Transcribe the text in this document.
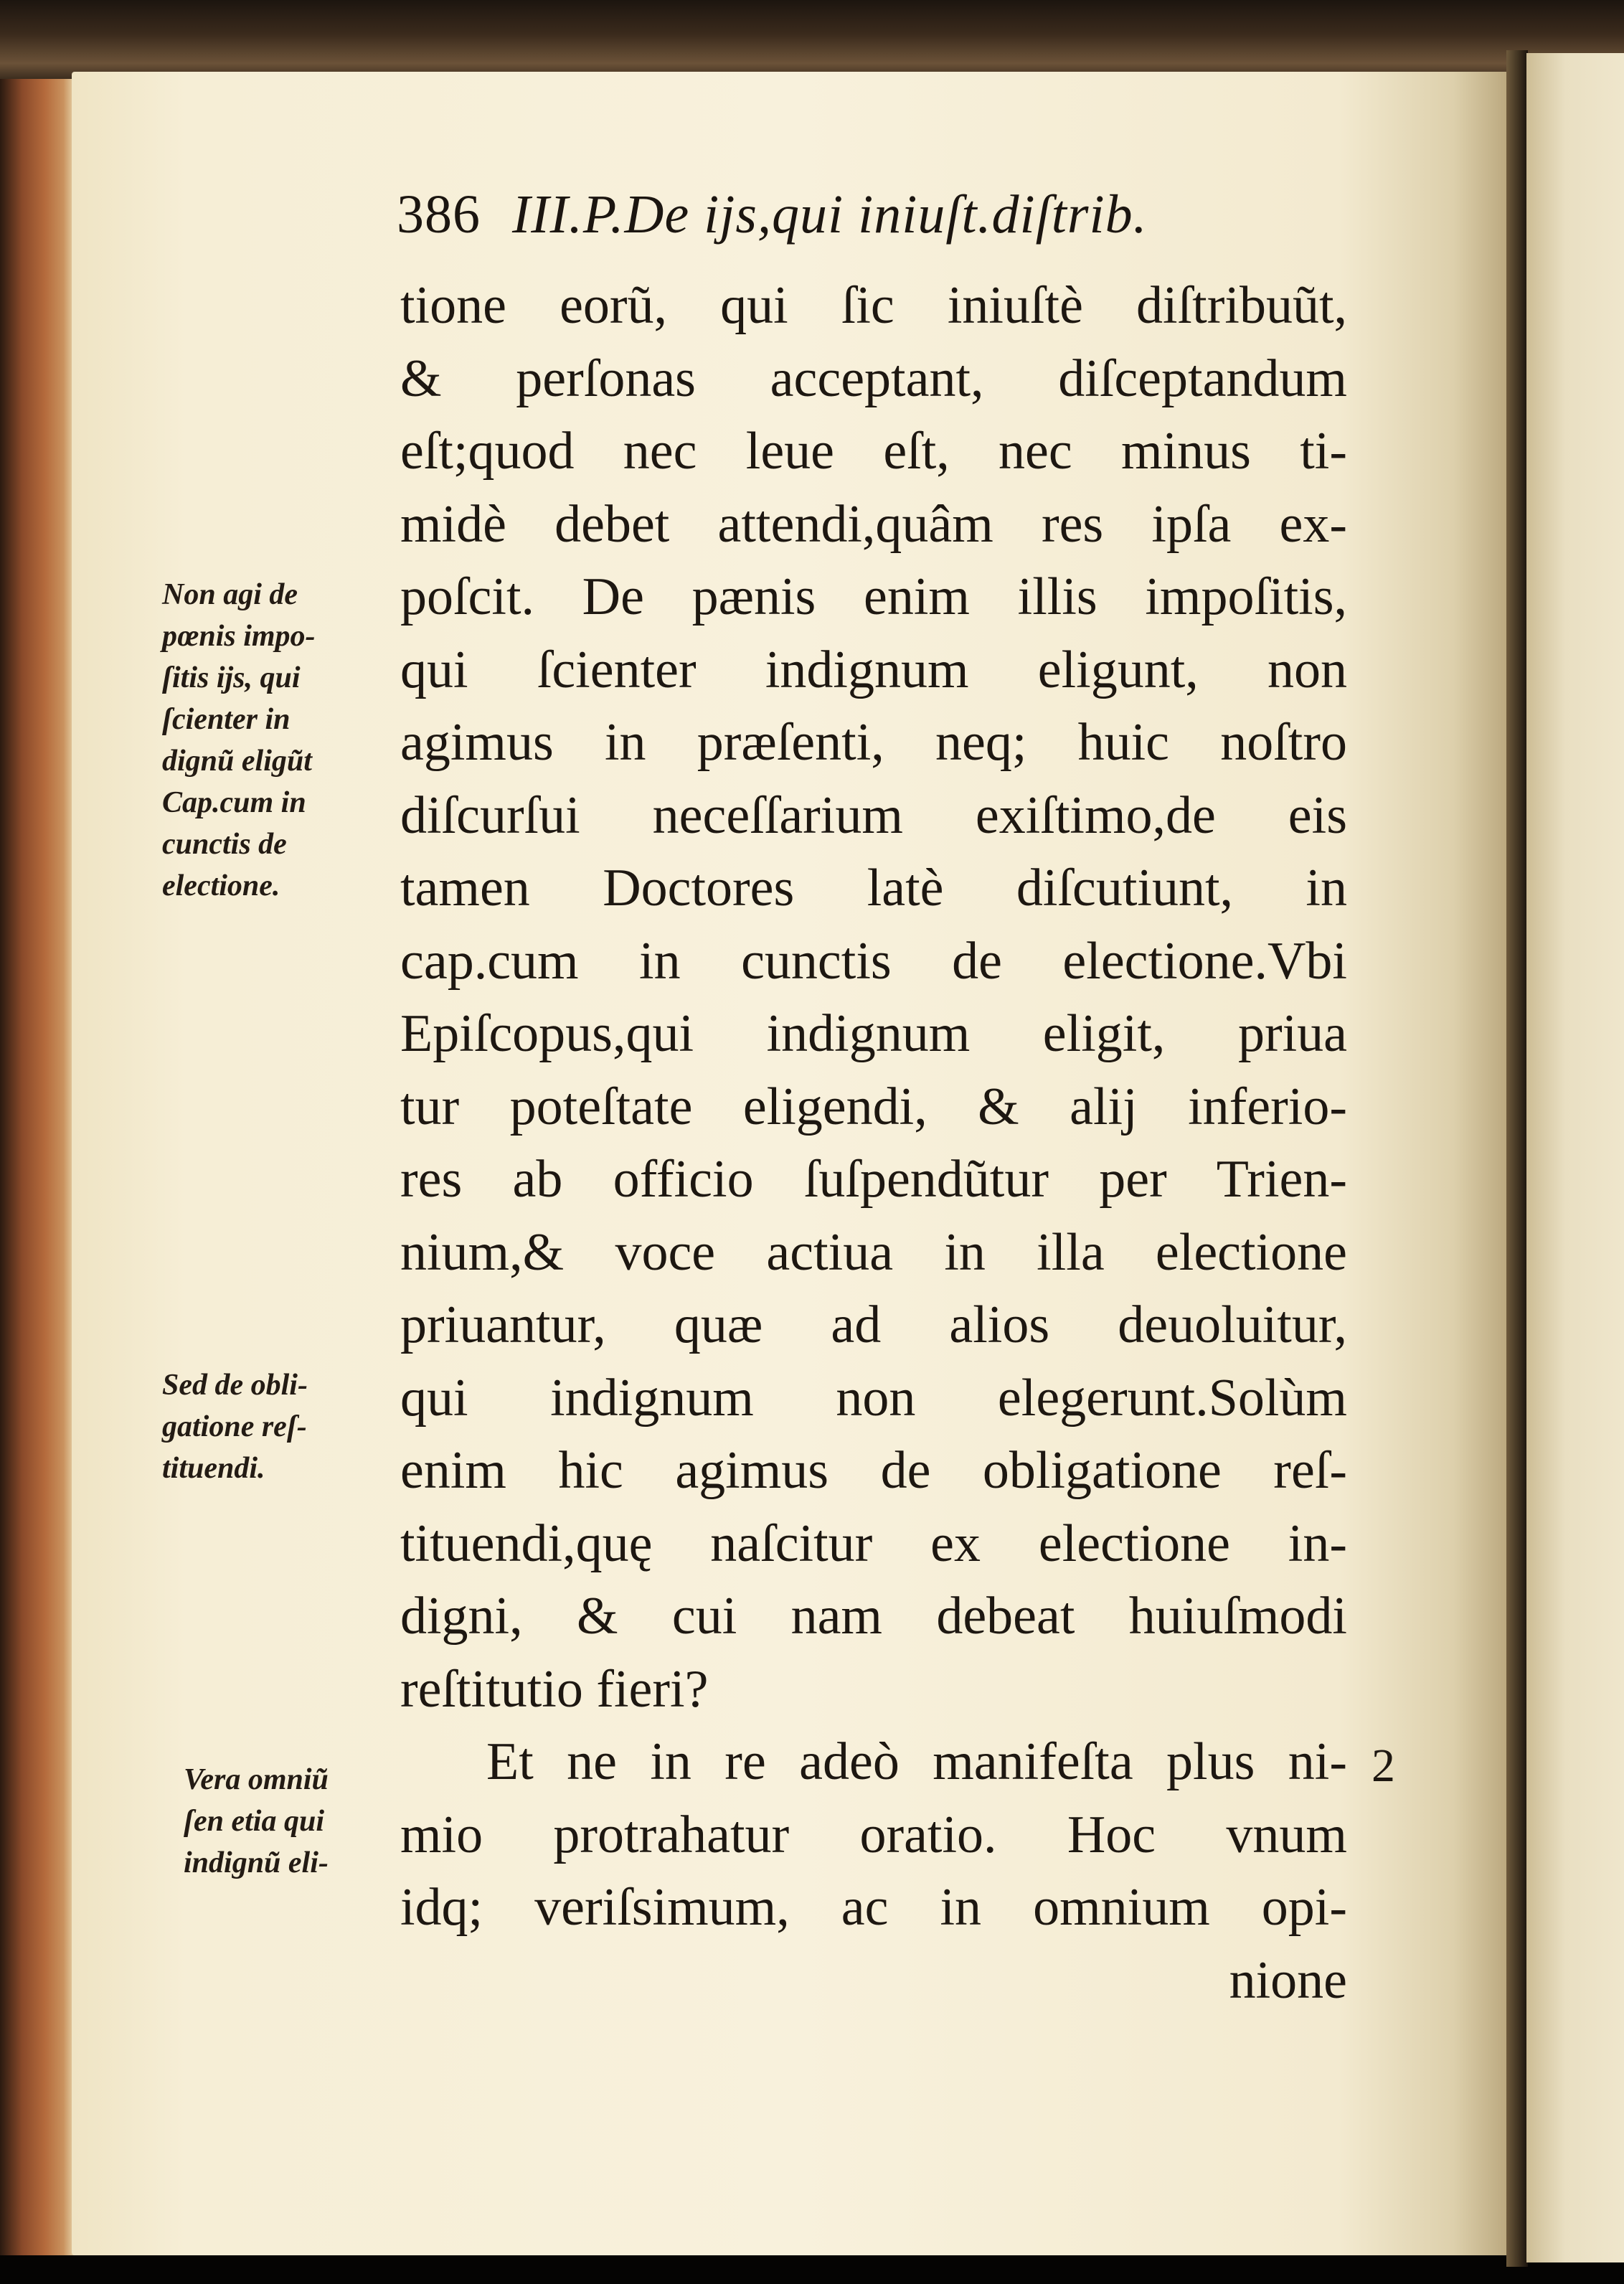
386 III.P.De ijs,qui iniuſt.diſtrib.
tione eorũ, qui ſic iniuſtè diſtribuũt,
& perſonas acceptant, diſceptandum
eſt;quod nec leue eſt, nec minus ti-
midè debet attendi,quâm res ipſa ex-
poſcit. De pænis enim illis impoſitis,
qui ſcienter indignum eligunt, non
agimus in præſenti, neq; huic noſtro
diſcurſui neceſſarium exiſtimo,de eis
tamen Doctores latè diſcutiunt, in
cap.cum in cunctis de electione.Vbi
Epiſcopus,qui indignum eligit, priua
tur poteſtate eligendi, & alij inferio-
res ab officio ſuſpendũtur per Trien-
nium,& voce actiua in illa electione
priuantur, quæ ad alios deuoluitur,
qui indignum non elegerunt.Solùm
enim hic agimus de obligatione reſ-
tituendi,quę naſcitur ex electione in-
digni, & cui nam debeat huiuſmodi
reſtitutio fieri?
Et ne in re adeò manifeſta plus ni-
mio protrahatur oratio. Hoc vnum
idq; veriſsimum, ac in omnium opi-
nione
Non agi de
pœnis impo-
ſitis ijs, qui
ſcienter in
dignũ eligũt
Cap.cum in
cunctis de
electione.
Sed de obli-
gatione reſ-
tituendi.
Vera omniũ
ſen etia qui
indignũ eli-
2
